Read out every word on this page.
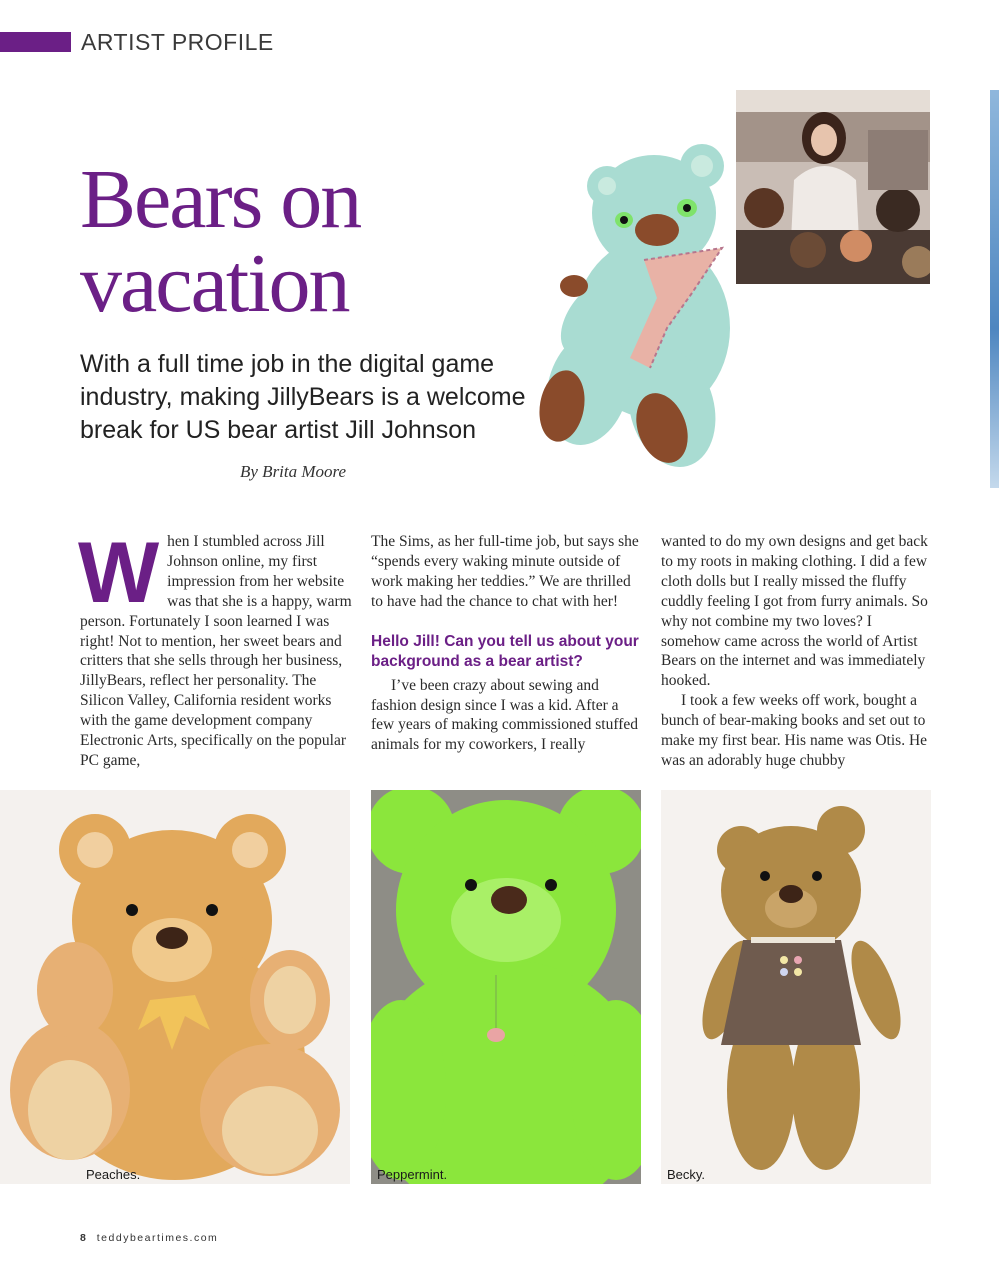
ARTIST PROFILE
Bears on
vacation
With a full time job in the digital game industry, making JillyBears is a welcome break for US bear artist Jill Johnson
By Brita Moore
W hen I stumbled across Jill Johnson online, my first impression from her website was that she is a happy, warm person. Fortunately I soon learned I was right! Not to mention, her sweet bears and critters that she sells through her business, JillyBears, reflect her personality. The Silicon Valley, California resident works with the game development company Electronic Arts, specifically on the popular PC game,

The Sims, as her full-time job, but says she “spends every waking minute outside of work making her teddies.” We are thrilled to have had the chance to chat with her!

Hello Jill! Can you tell us about your background as a bear artist?

I’ve been crazy about sewing and fashion design since I was a kid. After a few years of making commissioned stuffed animals for my coworkers, I really

wanted to do my own designs and get back to my roots in making clothing. I did a few cloth dolls but I really missed the fluffy cuddly feeling I got from furry animals. So why not combine my two loves? I somehow came across the world of Artist Bears on the internet and was immediately hooked.

I took a few weeks off work, bought a bunch of bear-making books and set out to make my first bear. His name was Otis. He was an adorably huge chubby

Peaches.	Peppermint.	Becky.
8 teddybeartimes.com
